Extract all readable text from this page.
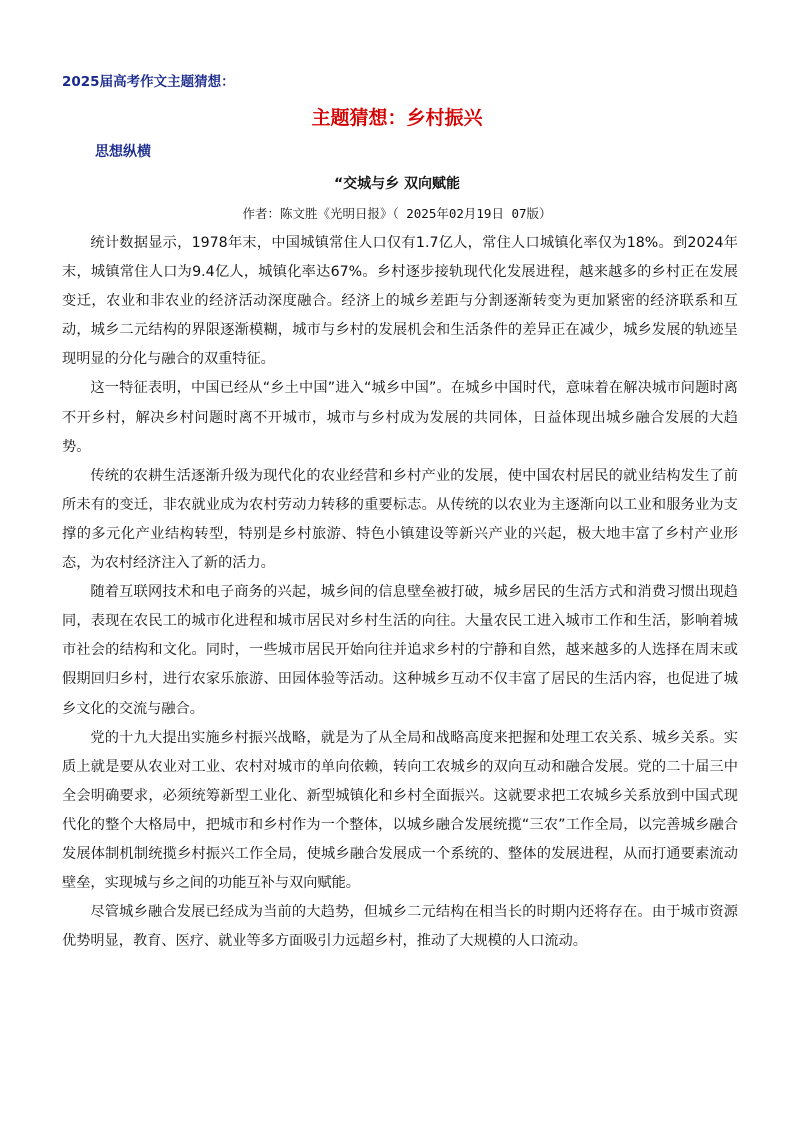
2025届高考作文主题猜想：
主题猜想：乡村振兴
思想纵横
“交城与乡 双向赋能
作者：陈文胜《光明日报》（ 2025年02月19日 07版）

统计数据显示，1978年末，中国城镇常住人口仅有1.7亿人，常住人口城镇化率仅为18%。到2024年末，城镇常住人口为9.4亿人，城镇化率达67%。乡村逐步接轨现代化发展进程，越来越多的乡村正在发展变迁，农业和非农业的经济活动深度融合。经济上的城乡差距与分割逐渐转变为更加紧密的经济联系和互动，城乡二元结构的界限逐渐模糊，城市与乡村的发展机会和生活条件的差异正在减少，城乡发展的轨迹呈现明显的分化与融合的双重特征。

这一特征表明，中国已经从“乡土中国”进入“城乡中国”。在城乡中国时代，意味着在解决城市问题时离不开乡村，解决乡村问题时离不开城市，城市与乡村成为发展的共同体，日益体现出城乡融合发展的大趋势。

传统的农耕生活逐渐升级为现代化的农业经营和乡村产业的发展，使中国农村居民的就业结构发生了前所未有的变迁，非农就业成为农村劳动力转移的重要标志。从传统的以农业为主逐渐向以工业和服务业为支撑的多元化产业结构转型，特别是乡村旅游、特色小镇建设等新兴产业的兴起，极大地丰富了乡村产业形态，为农村经济注入了新的活力。

随着互联网技术和电子商务的兴起，城乡间的信息壁垒被打破，城乡居民的生活方式和消费习惯出现趋同，表现在农民工的城市化进程和城市居民对乡村生活的向往。大量农民工进入城市工作和生活，影响着城市社会的结构和文化。同时，一些城市居民开始向往并追求乡村的宁静和自然，越来越多的人选择在周末或假期回归乡村，进行农家乐旅游、田园体验等活动。这种城乡互动不仅丰富了居民的生活内容，也促进了城乡文化的交流与融合。

党的十九大提出实施乡村振兴战略，就是为了从全局和战略高度来把握和处理工农关系、城乡关系。实质上就是要从农业对工业、农村对城市的单向依赖，转向工农城乡的双向互动和融合发展。党的二十届三中全会明确要求，必须统筹新型工业化、新型城镇化和乡村全面振兴。这就要求把工农城乡关系放到中国式现代化的整个大格局中，把城市和乡村作为一个整体，以城乡融合发展统揽“三农”工作全局，以完善城乡融合发展体制机制统揽乡村振兴工作全局，使城乡融合发展成一个系统的、整体的发展进程，从而打通要素流动壁垒，实现城与乡之间的功能互补与双向赋能。

尽管城乡融合发展已经成为当前的大趋势，但城乡二元结构在相当长的时期内还将存在。由于城市资源优势明显，教育、医疗、就业等多方面吸引力远超乡村，推动了大规模的人口流动。
